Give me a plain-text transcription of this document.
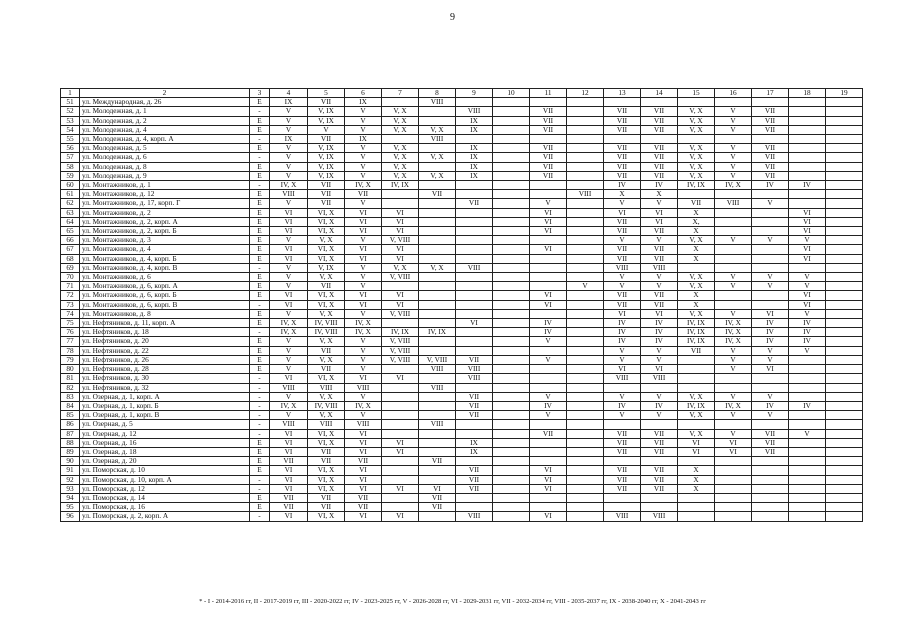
9
1	2	3	4	5	6	7	8	9	10	11	12	13	14	15	16	17	18	19
51	ул. Международная, д. 26	Е	IX	VII	IX		VIII											
52	ул. Молодежная, д. 1	-	V	V, IX	V	V, X		VIII		VII		VII	VII	V, X	V	VII		
53	ул. Молодежная, д. 2	Е	V	V, IX	V	V, X		IX		VII		VII	VII	V, X	V	VII		
54	ул. Молодежная, д. 4	Е	V	V	V	V, X	V, X	IX		VII		VII	VII	V, X	V	VII		
55	ул. Молодежная, д. 4, корп. А	-	IX	VII	IX		VIII											
56	ул. Молодежная, д. 5	Е	V	V, IX	V	V, X		IX		VII		VII	VII	V, X	V	VII		
57	ул. Молодежная, д. 6	-	V	V, IX	V	V, X	V, X	IX		VII		VII	VII	V, X	V	VII		
58	ул. Молодежная, д. 8	Е	V	V, IX	V	V, X		IX		VII		VII	VII	V, X	V	VII		
59	ул. Молодежная, д. 9	Е	V	V, IX	V	V, X	V, X	IX		VII		VII	VII	V, X	V	VII		
60	ул. Монтажников, д. 1	-	IV, X	VII	IV, X	IV, IX						IV	IV	IV, IX	IV, X	IV	IV	
61	ул. Монтажников, д. 12	Е	VIII	VII	VII		VII				VIII	X	X					
62	ул. Монтажников, д. 17, корп. Г	Е	V	VII	V			VII		V		V	V	VII	VIII	V		
63	ул. Монтажников, д. 2	Е	VI	VI, X	VI	VI				VI		VI	VI	X			VI	
64	ул. Монтажников, д. 2, корп. А	Е	VI	VI, X	VI	VI				VI		VII	VI	X,			VI	
65	ул. Монтажников, д. 2, корп. Б	Е	VI	VI, X	VI	VI				VI		VII	VII	X			VI	
66	ул. Монтажников, д. 3	Е	V	V, X	V	V, VIII						V	V	V, X	V	V	V	
67	ул. Монтажников, д. 4	Е	VI	VI, X	VI	VI				VI		VII	VII	X			VI	
68	ул. Монтажников, д. 4, корп. Б	Е	VI	VI, X	VI	VI						VII	VII	X			VI	
69	ул. Монтажников, д. 4, корп. В	-	V	V, IX	V	V, X	V, X	VIII				VIII	VIII					
70	ул. Монтажников, д. 6	Е	V	V, X	V	V, VIII						V	V	V, X	V	V	V	
71	ул. Монтажников, д. 6, корп. А	Е	V	VII	V						V	V	V	V, X	V	V	V	
72	ул. Монтажников, д. 6, корп. Б	Е	VI	VI, X	VI	VI				VI		VII	VII	X			VI	
73	ул. Монтажников, д. 6, корп. В	-	VI	VI, X	VI	VI				VI		VII	VII	X			VI	
74	ул. Монтажников, д. 8	Е	V	V, X	V	V, VIII						VI	VI	V, X	V	VI	V	
75	ул. Нефтяников, д. 11, корп. А	Е	IV, X	IV, VIII	IV, X			VI		IV		IV	IV	IV, IX	IV, X	IV	IV	
76	ул. Нефтяников, д. 18	-	IV, X	IV, VIII	IV, X	IV, IX	IV, IX			IV		IV	IV	IV, IX	IV, X	IV	IV	
77	ул. Нефтяников, д. 20	Е	V	V, X	V	V, VIII				V		IV	IV	IV, IX	IV, X	IV	IV	
78	ул. Нефтяников, д. 22	Е	V	VII	V	V, VIII						V	V	VII	V	V	V	
79	ул. Нефтяников, д. 26	Е	V	V, X	V	V, VIII	V, VIII	VII		V		V	V		V	V		
80	ул. Нефтяников, д. 28	Е	V	VII	V		VIII	VIII				VI	VI		V	VI		
81	ул. Нефтяников, д. 30	-	VI	VI, X	VI	VI		VIII				VIII	VIII					
82	ул. Нефтяников, д. 32	-	VIII	VIII	VIII		VIII											
83	ул. Озерная, д. 1, корп. А	-	V	V, X	V			VII		V		V	V	V, X	V	V		
84	ул. Озерная, д. 1, корп. Б	-	IV, X	IV, VIII	IV, X			VII		IV		IV	IV	IV, IX	IV, X	IV	IV	
85	ул. Озерная, д. 1, корп. В	-	V	V, X	V			VII		V		V	V	V, X	V	V		
86	ул. Озерная, д. 5	-	VIII	VIII	VIII		VIII											
87	ул. Озерная, д. 12	-	VI	VI, X	VI					VII		VII	VII	V, X	V	VII	V	
88	ул. Озерная, д. 16	Е	VI	VI, X	VI	VI		IX				VII	VII	VI	VI	VII		
89	ул. Озерная, д. 18	Е	VI	VII	VI	VI		IX				VII	VII	VI	VI	VII		
90	ул. Озерная, д. 20	Е	VII	VII	VII		VII											
91	ул. Поморская, д. 10	Е	VI	VI, X	VI			VII		VI		VII	VII	X				
92	ул. Поморская, д. 10, корп. А	-	VI	VI, X	VI			VII		VI		VII	VII	X				
93	ул. Поморская, д. 12	-	VI	VI, X	VI	VI	VI	VII		VI		VII	VII	X				
94	ул. Поморская, д. 14	Е	VII	VII	VII		VII											
95	ул. Поморская, д. 16	Е	VII	VII	VII		VII											
96	ул. Поморская, д. 2, корп. А	-	VI	VI, X	VI	VI		VIII		VI		VIII	VIII					
* - I - 2014-2016 гг, II - 2017-2019 гг, III - 2020-2022 гг, IV - 2023-2025 гг, V - 2026-2028 гг, VI - 2029-2031 гг, VII - 2032-2034 гг, VIII - 2035-2037 гг, IX - 2038-2040 гг, X - 2041-2043 гг
